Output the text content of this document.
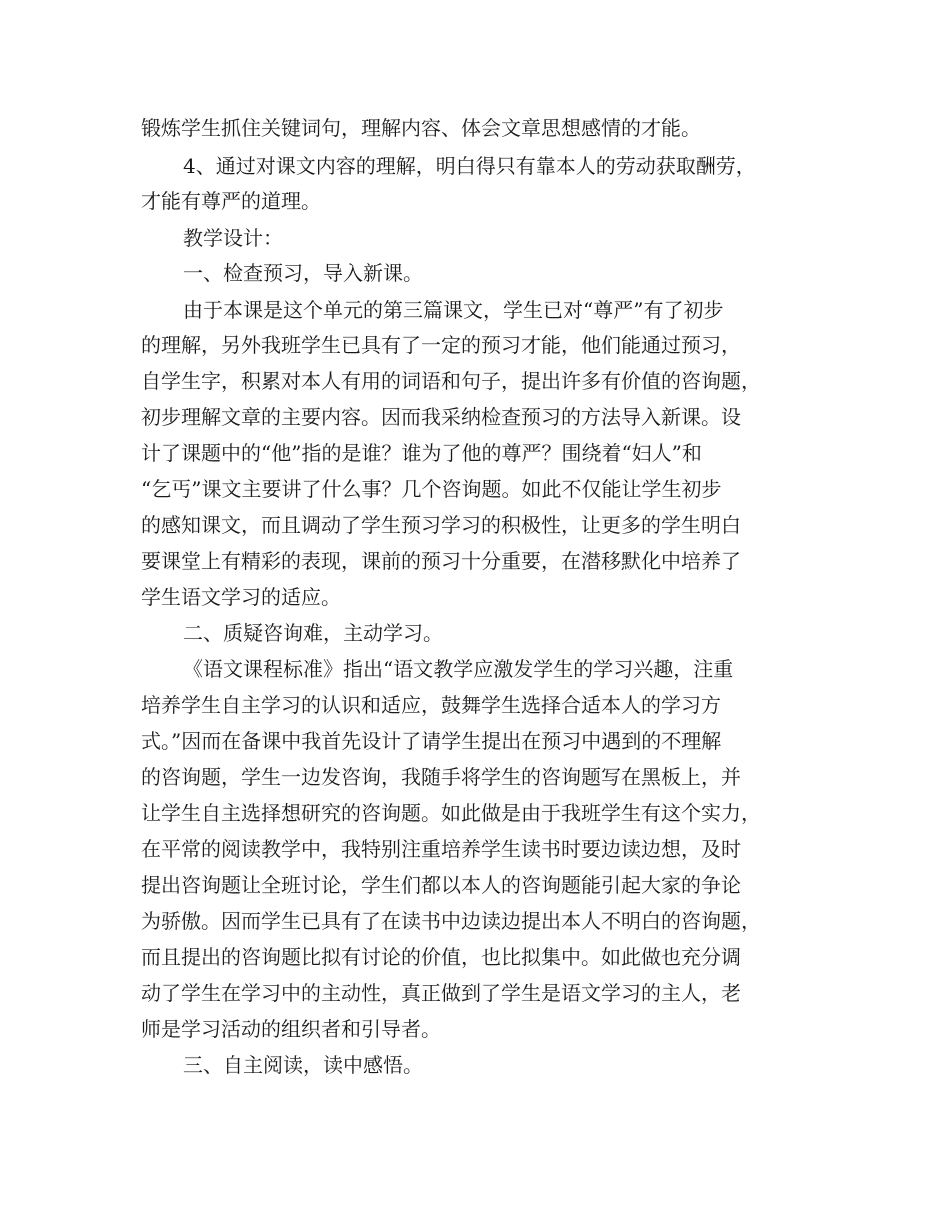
锻炼学生抓住关键词句，理解内容、体会文章思想感情的才能。

4、通过对课文内容的理解，明白得只有靠本人的劳动获取酬劳，

才能有尊严的道理。

教学设计：

一、检查预习，导入新课。

由于本课是这个单元的第三篇课文，学生已对“尊严”有了初步

的理解，另外我班学生已具有了一定的预习才能，他们能通过预习，

自学生字，积累对本人有用的词语和句子，提出许多有价值的咨询题，

初步理解文章的主要内容。因而我采纳检查预习的方法导入新课。设

计了课题中的“他”指的是谁？谁为了他的尊严？围绕着“妇人”和

“乞丐”课文主要讲了什么事？几个咨询题。如此不仅能让学生初步

的感知课文，而且调动了学生预习学习的积极性，让更多的学生明白

要课堂上有精彩的表现，课前的预习十分重要，在潜移默化中培养了

学生语文学习的适应。

二、质疑咨询难，主动学习。

《语文课程标准》指出“语文教学应激发学生的学习兴趣，注重

培养学生自主学习的认识和适应，鼓舞学生选择合适本人的学习方

式。”因而在备课中我首先设计了请学生提出在预习中遇到的不理解

的咨询题，学生一边发咨询，我随手将学生的咨询题写在黑板上，并

让学生自主选择想研究的咨询题。如此做是由于我班学生有这个实力，

在平常的阅读教学中，我特别注重培养学生读书时要边读边想，及时

提出咨询题让全班讨论，学生们都以本人的咨询题能引起大家的争论

为骄傲。因而学生已具有了在读书中边读边提出本人不明白的咨询题，

而且提出的咨询题比拟有讨论的价值，也比拟集中。如此做也充分调

动了学生在学习中的主动性，真正做到了学生是语文学习的主人，老

师是学习活动的组织者和引导者。

三、自主阅读，读中感悟。
